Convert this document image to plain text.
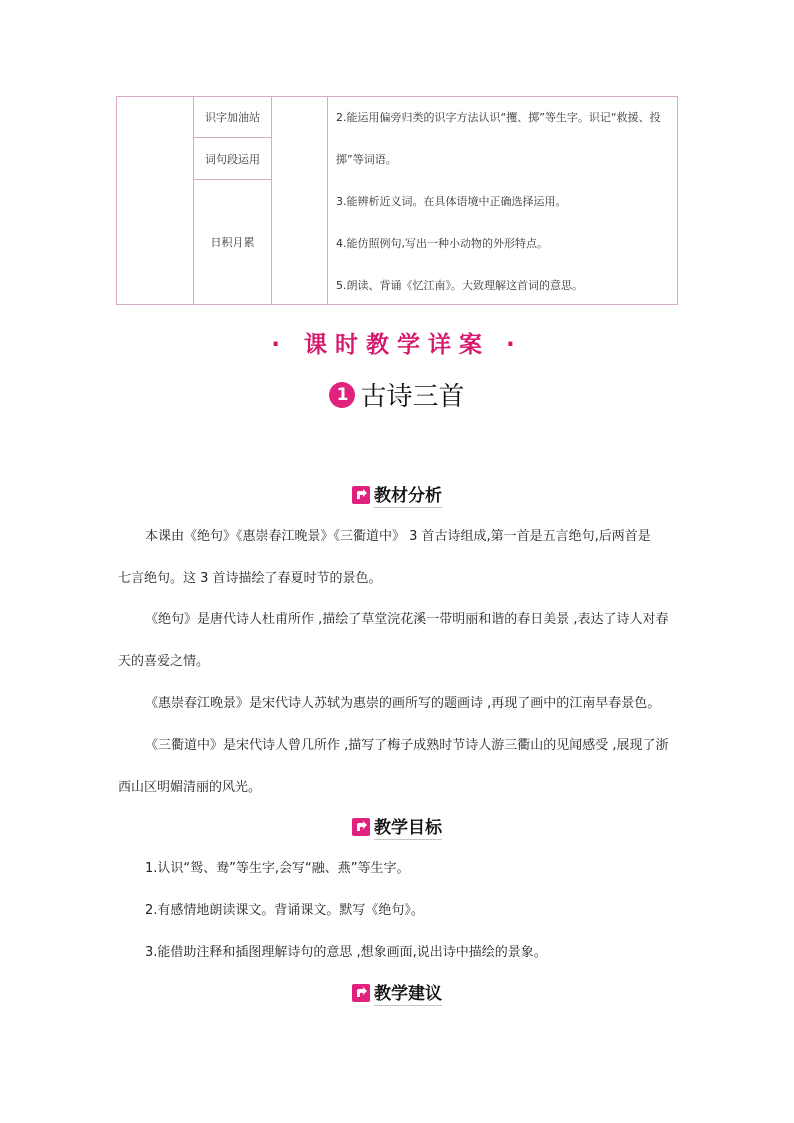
识字加油站
词句段运用
日积月累
2.能运用偏旁归类的识字方法认识“攫、掷”等生字。识记“救援、投
掷”等词语。
3.能辨析近义词。在具体语境中正确选择运用。
4.能仿照例句,写出一种小动物的外形特点。
5.朗读、背诵《忆江南》。大致理解这首词的意思。
· 课时教学详案 ·
1 古诗三首
教材分析
本课由《绝句》《惠崇春江晚景》《三衢道中》 3 首古诗组成,第一首是五言绝句,后两首是
七言绝句。这 3 首诗描绘了春夏时节的景色。
《绝句》是唐代诗人杜甫所作 ,描绘了草堂浣花溪一带明丽和谐的春日美景 ,表达了诗人对春
天的喜爱之情。
《惠崇春江晚景》是宋代诗人苏轼为惠崇的画所写的题画诗 ,再现了画中的江南早春景色。
《三衢道中》是宋代诗人曾几所作 ,描写了梅子成熟时节诗人游三衢山的见闻感受 ,展现了浙
西山区明媚清丽的风光。
教学目标
1.认识“鸳、鸯”等生字,会写“融、燕”等生字。
2.有感情地朗读课文。背诵课文。默写《绝句》。
3.能借助注释和插图理解诗句的意思 ,想象画面,说出诗中描绘的景象。
教学建议
